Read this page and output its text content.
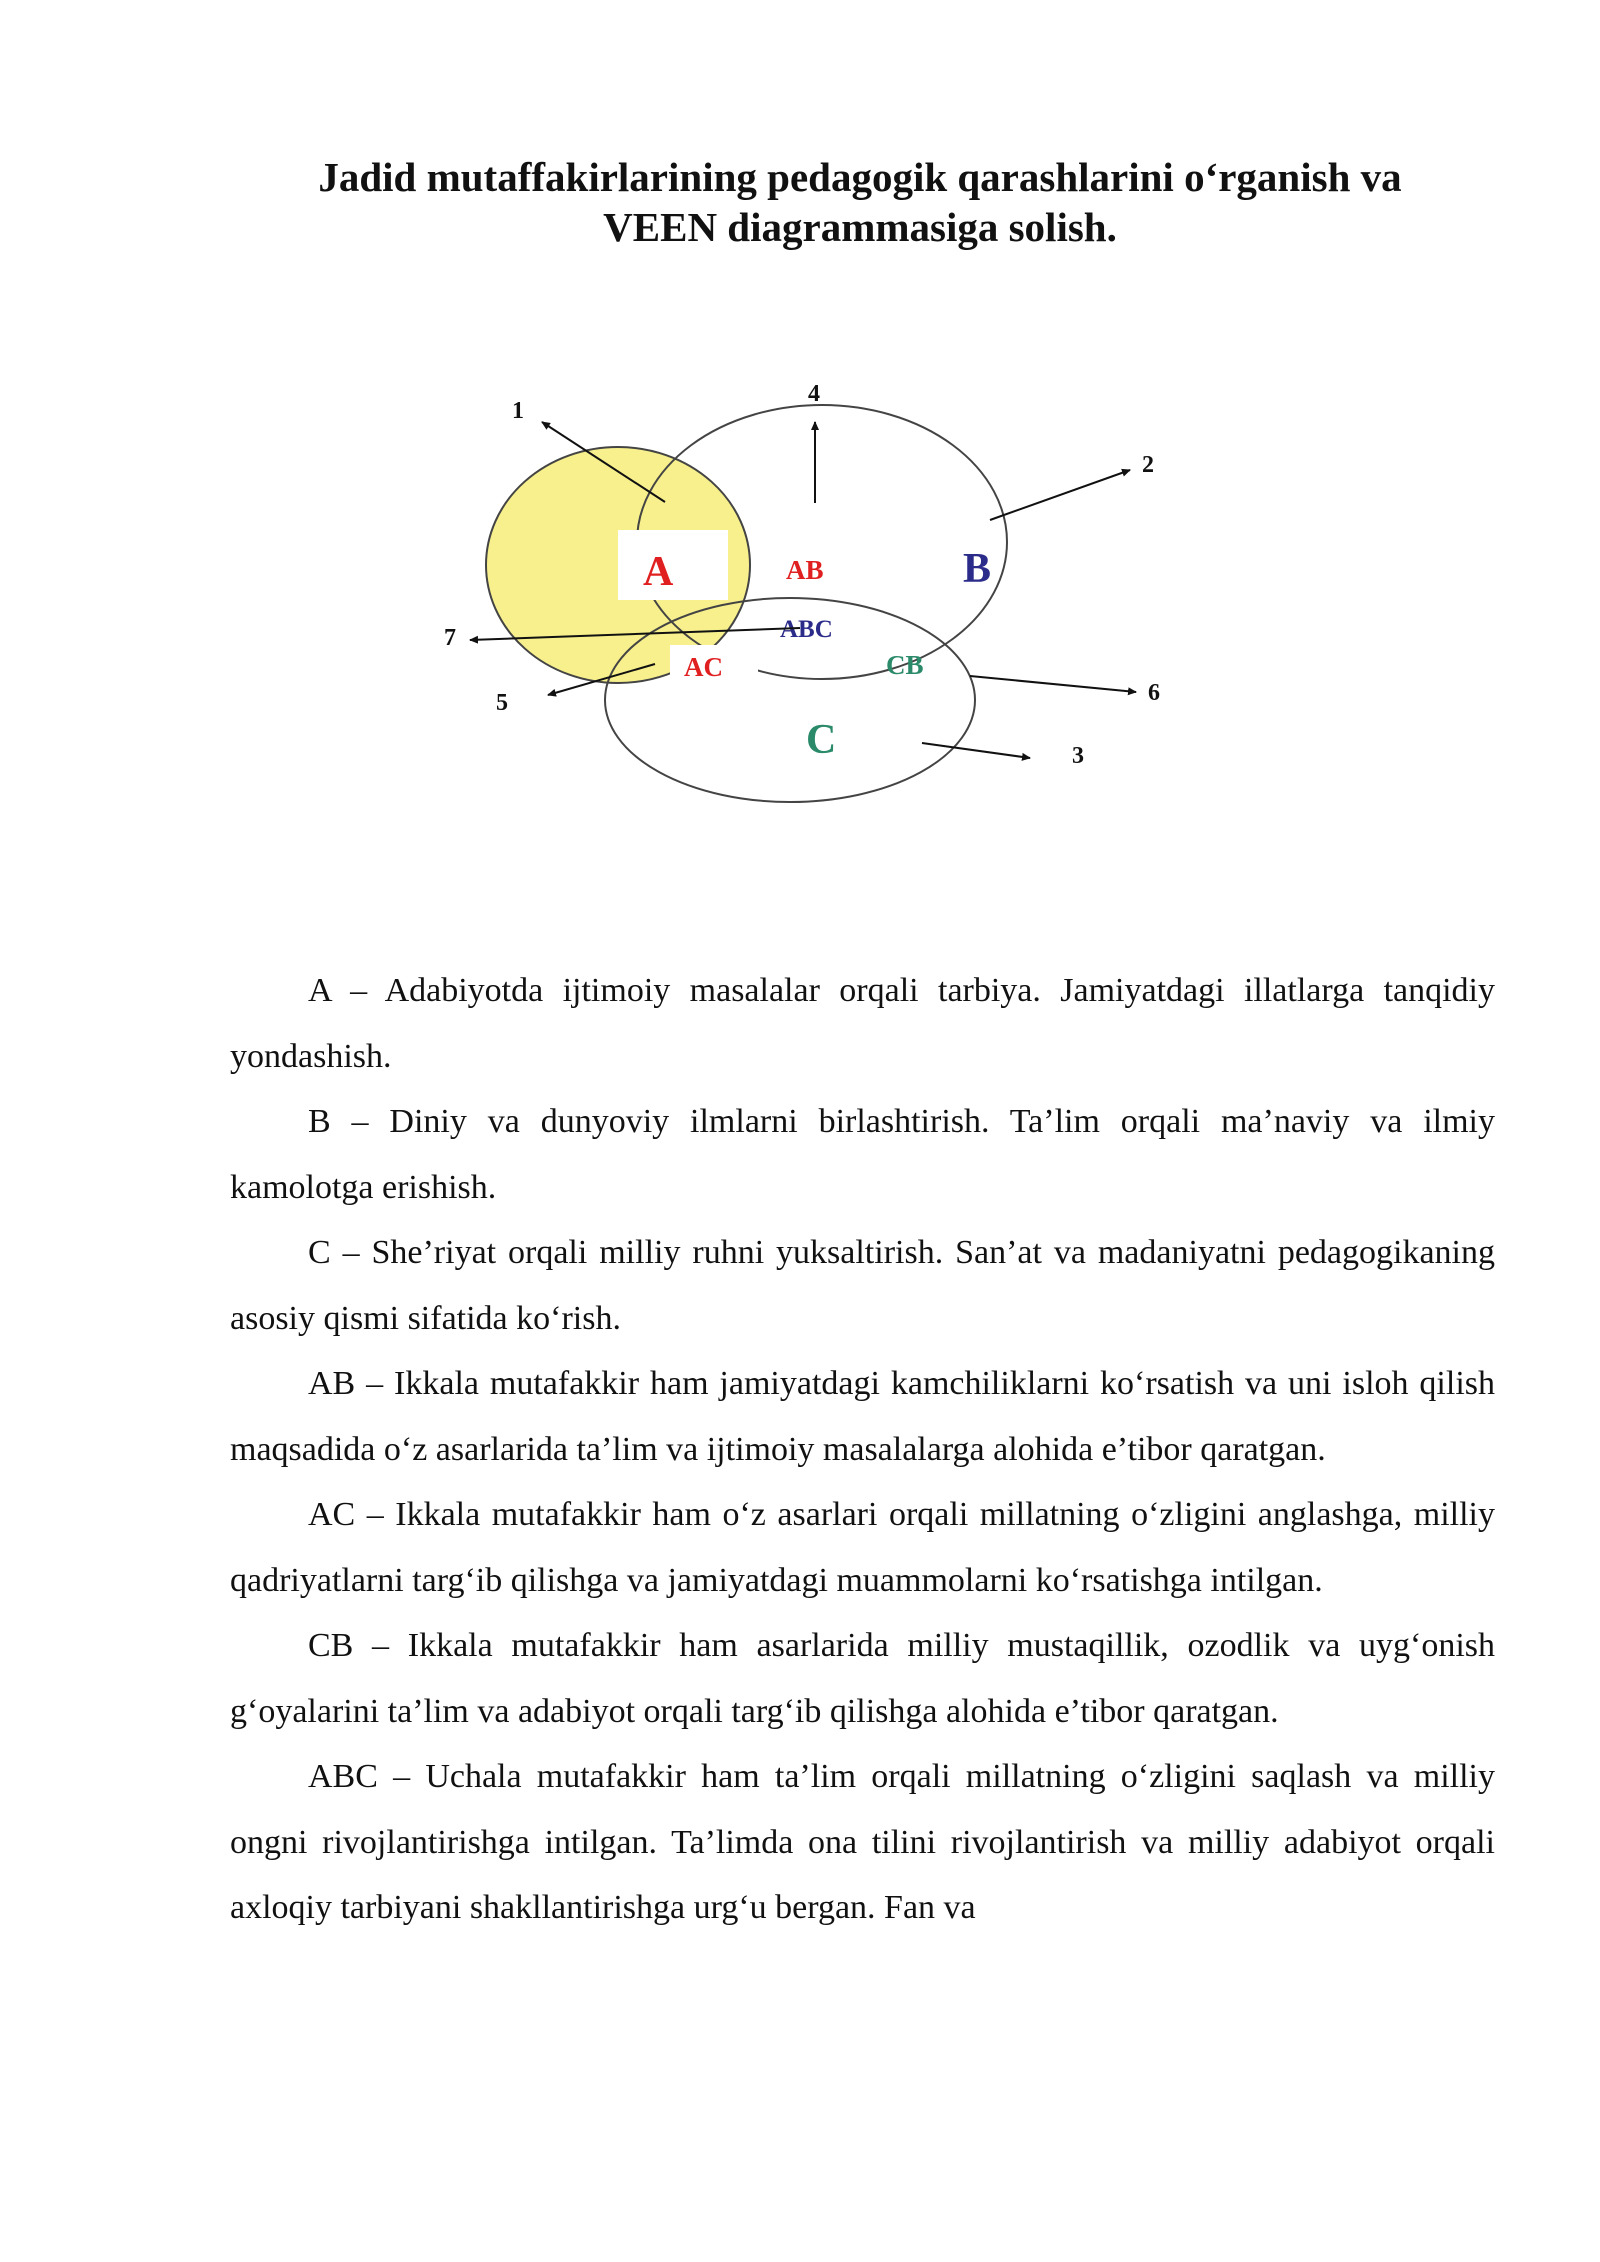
Jadid mutaffakirlarining pedagogik qarashlarini o‘rganish va
VEEN diagrammasiga solish.
A	B
C
AB
ABC
AC	CB
1
4
2
7
5	6
3

A – Adabiyotda ijtimoiy masalalar orqali tarbiya. Jamiyatdagi illatlarga tanqidiy yondashish.

B – Diniy va dunyoviy ilmlarni birlashtirish. Ta’lim orqali ma’naviy va ilmiy kamolotga erishish.

C – She’riyat orqali milliy ruhni yuksaltirish. San’at va madaniyatni pedagogikaning asosiy qismi sifatida ko‘rish.

AB – Ikkala mutafakkir ham jamiyatdagi kamchiliklarni ko‘rsatish va uni isloh qilish maqsadida o‘z asarlarida ta’lim va ijtimoiy masalalarga alohida e’tibor qaratgan.

AC – Ikkala mutafakkir ham o‘z asarlari orqali millatning o‘zligini anglashga, milliy qadriyatlarni targ‘ib qilishga va jamiyatdagi muammolarni ko‘rsatishga intilgan.

CB – Ikkala mutafakkir ham asarlarida milliy mustaqillik, ozodlik va uyg‘onish g‘oyalarini ta’lim va adabiyot orqali targ‘ib qilishga alohida e’tibor qaratgan.

ABC – Uchala mutafakkir ham ta’lim orqali millatning o‘zligini saqlash va milliy ongni rivojlantirishga intilgan. Ta’limda ona tilini rivojlantirish va milliy adabiyot orqali axloqiy tarbiyani shakllantirishga urg‘u bergan. Fan va
